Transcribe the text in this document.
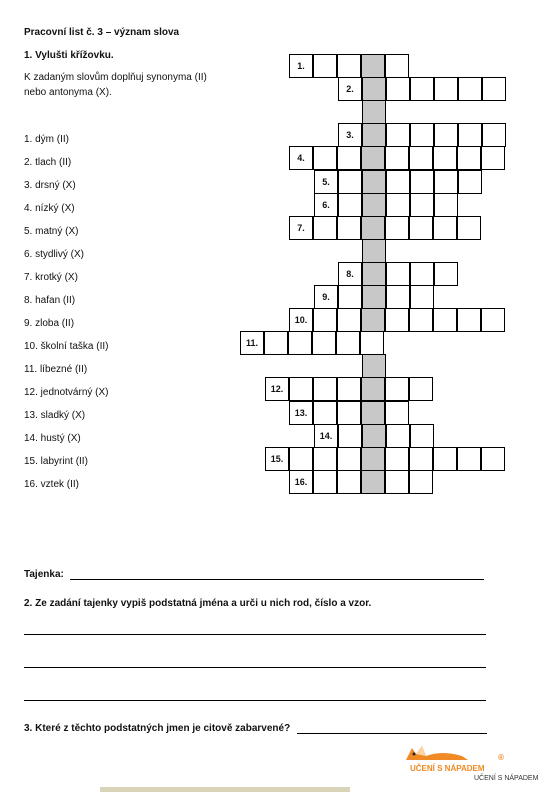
Pracovní list č. 3 – význam slova
1. Vylušti křížovku.
K zadaným slovům doplňuj synonyma (II)
nebo antonyma (X).
1. dým (II)
2. tlach (II)
3. drsný (X)
4. nízký (X)
5. matný (X)
6. stydlivý (X)
7. krotký (X)
8. hafan (II)
9. zloba (II)
10. školní taška (II)
11. líbezné (II)
12. jednotvárný (X)
13. sladký (X)
14. hustý (X)
15. labyrint (II)
16. vztek (II)
1.
2.
3.
4.
5.
6.
7.
8.
9.
10.
11.
12.
13.
14.
15.
16.
Tajenka:
2. Ze zadání tajenky vypiš podstatná jména a urči u nich rod, číslo a vzor.
3. Které z těchto podstatných jmen je citově zabarvené?
UČENÍ S NÁPADEM
®
UČENÍ S NÁPADEM
